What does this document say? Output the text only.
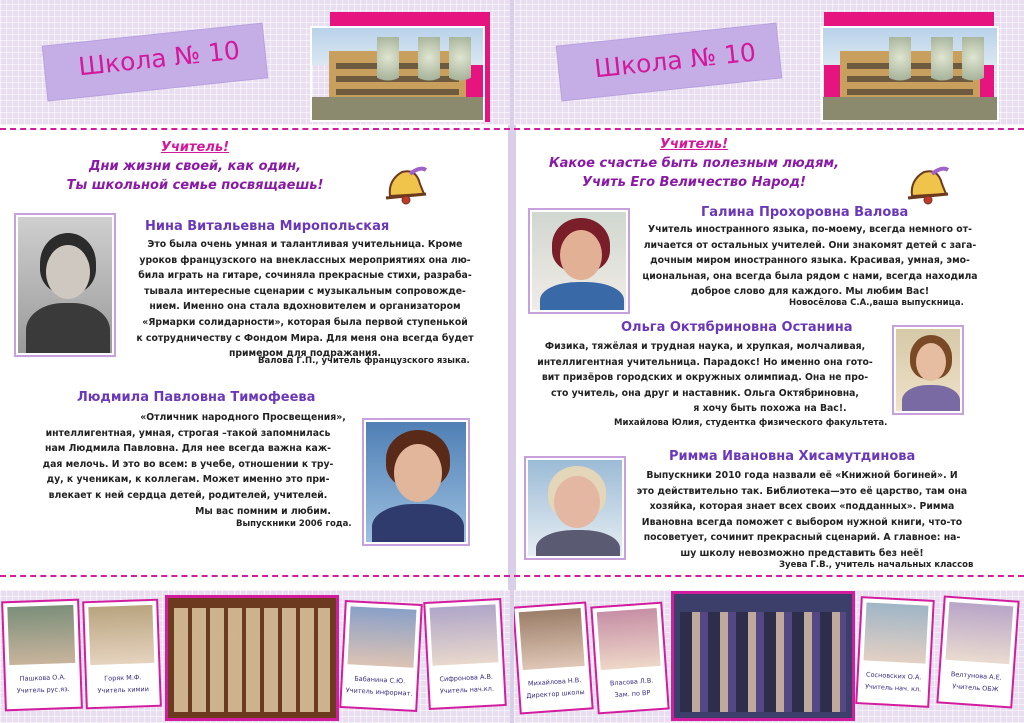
Школа № 10
Учитель!
Дни жизни своей, как один,
Ты школьной семье посвящаешь!
Нина Витальевна Миропольская
Это была очень умная и талантливая учительница. Кроме
уроков французского на внеклассных мероприятиях она лю-
била играть на гитаре, сочиняла прекрасные стихи, разраба-
тывала интересные сценарии с музыкальным сопровожде-
нием. Именно она стала вдохновителем и организатором
«Ярмарки солидарности», которая была первой ступенькой
к сотрудничеству с Фондом Мира. Для меня она всегда будет
примером для подражания.
Валова Г.П., учитель французского языка.
Людмила Павловна Тимофеева
«Отличник народного Просвещения»,
интеллигентная, умная, строгая –такой запомнилась
нам Людмила Павловна. Для нее всегда важна каж-
дая мелочь. И это во всем: в учебе, отношении к тру-
ду, к ученикам, к коллегам. Может именно это при-
влекает к ней сердца детей, родителей, учителей.
Мы вас помним и любим.
Выпускники 2006 года.
Пашкова О.А.
Учитель рус.яз.
Горяк М.Ф.
Учитель химии
Бабанина С.Ю.
Учитель информат.
Сифронова А.В.
Учитель нач.кл.
Школа № 10
Учитель!
Какое счастье быть полезным людям,
Учить Его Величество Народ!
Галина Прохоровна Валова
Учитель иностранного языка, по-моему, всегда немного от-
личается от остальных учителей. Они знакомят детей с зага-
дочным миром иностранного языка. Красивая, умная, эмо-
циональная, она всегда была рядом с нами, всегда находила
доброе слово для каждого. Мы любим Вас!
Новосёлова С.А.,ваша выпускница.
Ольга Октябриновна Останина
Физика, тяжёлая и трудная наука, и хрупкая, молчаливая,
интеллигентная учительница. Парадокс! Но именно она гото-
вит призёров городских и окружных олимпиад. Она не про-
сто учитель, она друг и наставник. Ольга Октябриновна,
я хочу быть похожа на Вас!.
Михайлова Юлия, студентка физического факультета.
Римма Ивановна Хисамутдинова
Выпускники 2010 года назвали её «Книжной богиней». И
это действительно так. Библиотека—это её царство, там она
хозяйка, которая знает всех своих «подданных». Римма
Ивановна всегда поможет с выбором нужной книги, что-то
посоветует, сочинит прекрасный сценарий. А главное: на-
шу школу невозможно представить без неё!
Зуева Г.В., учитель начальных классов
Михайлова Н.В.
Директор школы
Власова Л.В.
Зам. по ВР
Сосновских О.А.
Учитель нач. кл.
Велтунова А.Е.
Учитель ОБЖ
